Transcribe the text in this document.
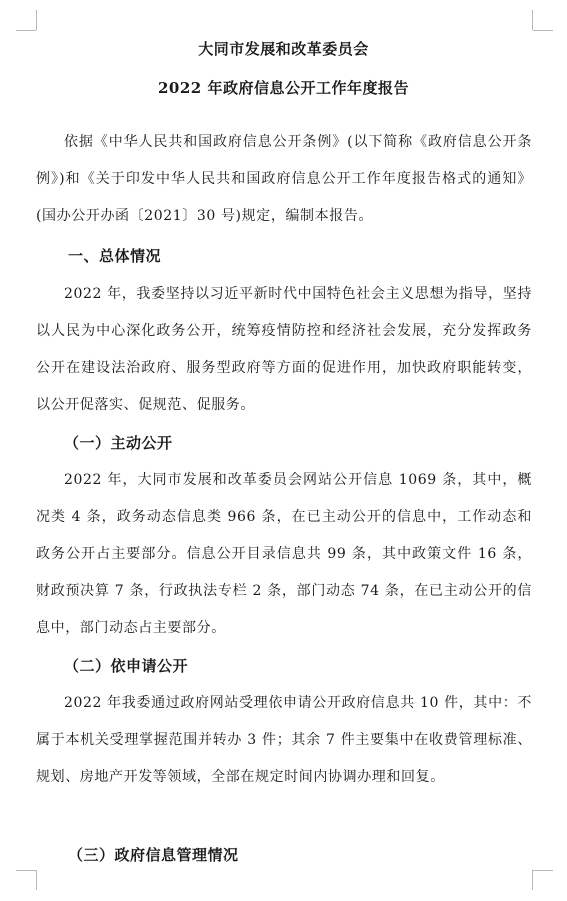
大同市发展和改革委员会
2022 年政府信息公开工作年度报告

依据《中华人民共和国政府信息公开条例》(以下简称《政府信息公开条例》)和《关于印发中华人民共和国政府信息公开工作年度报告格式的通知》(国办公开办函〔2021〕30 号)规定，编制本报告。

一、总体情况

2022 年，我委坚持以习近平新时代中国特色社会主义思想为指导，坚持以人民为中心深化政务公开，统筹疫情防控和经济社会发展，充分发挥政务公开在建设法治政府、服务型政府等方面的促进作用，加快政府职能转变，以公开促落实、促规范、促服务。

（一）主动公开

2022 年，大同市发展和改革委员会网站公开信息 1069 条，其中，概况类 4 条，政务动态信息类 966 条，在已主动公开的信息中，工作动态和政务公开占主要部分。信息公开目录信息共 99 条，其中政策文件 16 条，财政预决算 7 条，行政执法专栏 2 条，部门动态 74 条，在已主动公开的信息中，部门动态占主要部分。

（二）依申请公开

2022 年我委通过政府网站受理依申请公开政府信息共 10 件，其中：不属于本机关受理掌握范围并转办 3 件；其余 7 件主要集中在收费管理标准、规划、房地产开发等领域，全部在规定时间内协调办理和回复。

（三）政府信息管理情况
